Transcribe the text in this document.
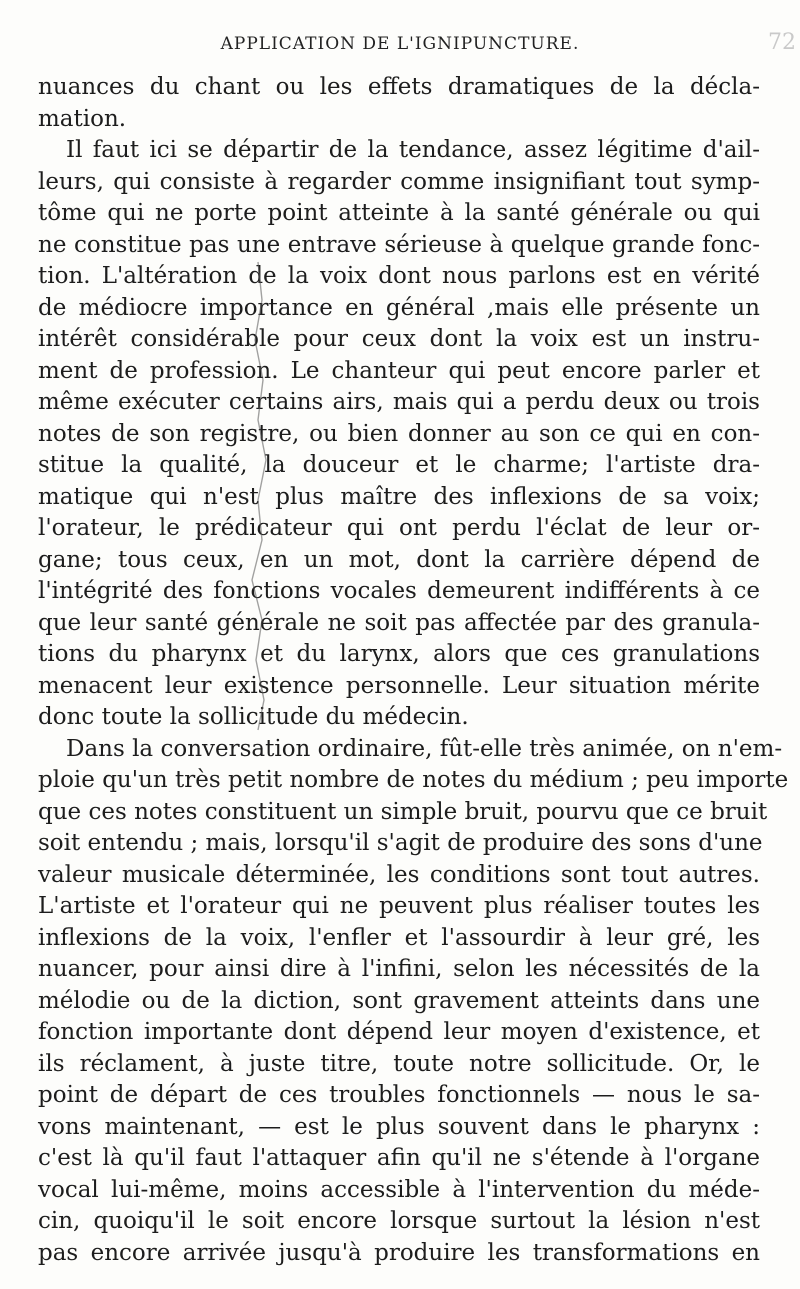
APPLICATION DE L'IGNIPUNCTURE.	72
nuances du chant ou les effets dramatiques de la décla-
mation.
Il faut ici se départir de la tendance, assez légitime d'ail-
leurs, qui consiste à regarder comme insignifiant tout symp-
tôme qui ne porte point atteinte à la santé générale ou qui
ne constitue pas une entrave sérieuse à quelque grande fonc-
tion. L'altération de la voix dont nous parlons est en vérité
de médiocre importance en général ,mais elle présente un
intérêt considérable pour ceux dont la voix est un instru-
ment de profession. Le chanteur qui peut encore parler et
même exécuter certains airs, mais qui a perdu deux ou trois
notes de son registre, ou bien donner au son ce qui en con-
stitue la qualité, la douceur et le charme; l'artiste dra-
matique qui n'est plus maître des inflexions de sa voix;
l'orateur, le prédicateur qui ont perdu l'éclat de leur or-
gane; tous ceux, en un mot, dont la carrière dépend de
l'intégrité des fonctions vocales demeurent indifférents à ce
que leur santé générale ne soit pas affectée par des granula-
tions du pharynx et du larynx, alors que ces granulations
menacent leur existence personnelle. Leur situation mérite
donc toute la sollicitude du médecin.
Dans la conversation ordinaire, fût-elle très animée, on n'em-
ploie qu'un très petit nombre de notes du médium ; peu importe
que ces notes constituent un simple bruit, pourvu que ce bruit
soit entendu ; mais, lorsqu'il s'agit de produire des sons d'une
valeur musicale déterminée, les conditions sont tout autres.
L'artiste et l'orateur qui ne peuvent plus réaliser toutes les
inflexions de la voix, l'enfler et l'assourdir à leur gré, les
nuancer, pour ainsi dire à l'infini, selon les nécessités de la
mélodie ou de la diction, sont gravement atteints dans une
fonction importante dont dépend leur moyen d'existence, et
ils réclament, à juste titre, toute notre sollicitude. Or, le
point de départ de ces troubles fonctionnels — nous le sa-
vons maintenant, — est le plus souvent dans le pharynx :
c'est là qu'il faut l'attaquer afin qu'il ne s'étende à l'organe
vocal lui-même, moins accessible à l'intervention du méde-
cin, quoiqu'il le soit encore lorsque surtout la lésion n'est
pas encore arrivée jusqu'à produire les transformations en
